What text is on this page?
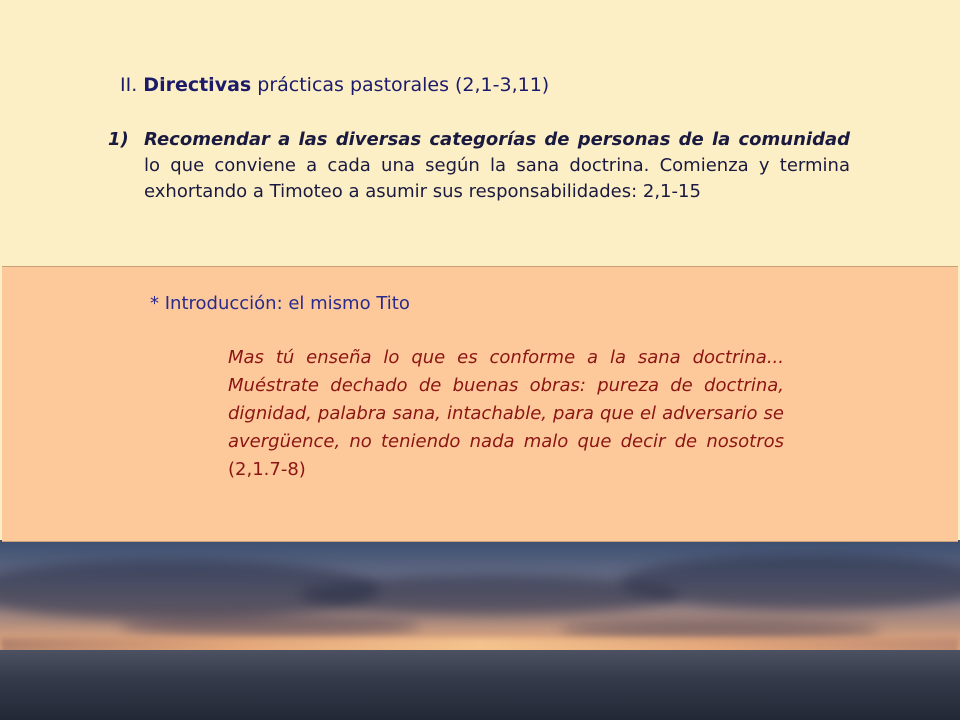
II. Directivas prácticas pastorales (2,1-3,11)

1) Recomendar a las diversas categorías de personas de la comunidad lo que conviene a cada una según la sana doctrina. Comienza y termina exhortando a Timoteo a asumir sus responsabilidades: 2,1-15

* Introducción: el mismo Tito

Mas tú enseña lo que es conforme a la sana doctrina... Muéstrate dechado de buenas obras: pureza de doctrina, dignidad, palabra sana, intachable, para que el adversario se avergüence, no teniendo nada malo que decir de nosotros (2,1.7-8)
